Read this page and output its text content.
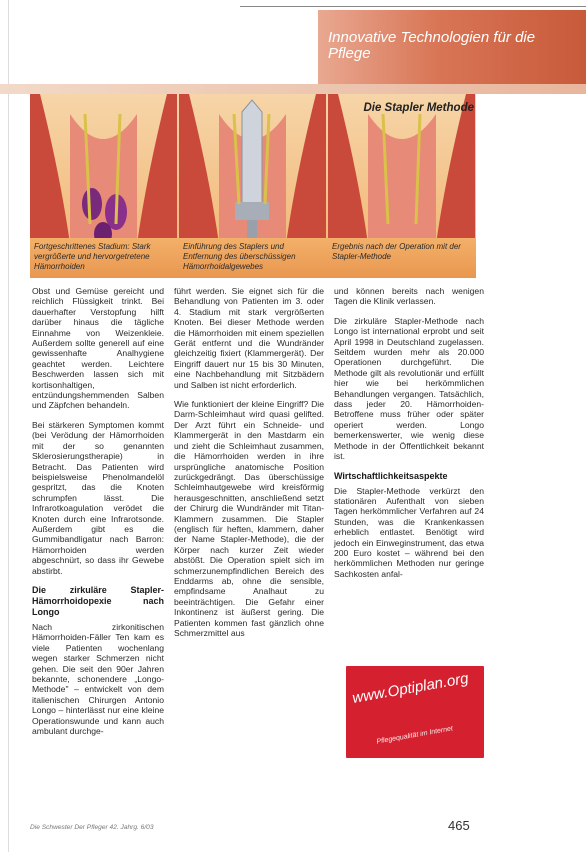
Innovative Technologien für die Pflege
Die Stapler Methode
Fortgeschrittenes Stadium: Stark vergrößerte und hervorgetretene Hämorrhoiden
Einführung des Staplers und Entfernung des überschüssigen Hämorrhoidalgewebes
Ergebnis nach der Operation mit der Stapler-Methode

Obst und Gemüse gereicht und reichlich Flüssigkeit trinkt. Bei dauerhafter Verstopfung hilft darüber hinaus die tägliche Einnahme von Weizenkleie. Außerdem sollte generell auf eine gewissenhafte Analhygiene geachtet werden. Leichtere Beschwerden lassen sich mit kortisonhaltigen, entzündungshemmenden Salben und Zäpfchen behandeln.

Bei stärkeren Symptomen kommt (bei Verödung der Hämorrhoiden mit der so genannten Sklerosierungstherapie) in Betracht. Das Patienten wird beispielsweise Phenolmandelöl gespritzt, das die Knoten schrumpfen lässt. Die Infrarotkoagulation verödet die Knoten durch eine Infrarotsonde. Außerdem gibt es die Gummibandligatur nach Barron: Hämorrhoiden werden abgeschnürt, so dass ihr Gewebe abstirbt.

Die zirkuläre Stapler-Hämorrhoidopexie nach Longo

Nach zirkonitischen Hämorrhoiden-Fäller Ten kam es viele Patienten wochenlang wegen starker Schmerzen nicht gehen. Die seit den 90er Jahren bekannte, schonendere „Longo-Methode" – entwickelt von dem italienischen Chirurgen Antonio Longo – hinterlässt nur eine kleine Operationswunde und kann auch ambulant durchge-

führt werden. Sie eignet sich für die Behandlung von Patienten im 3. oder 4. Stadium mit stark vergrößerten Knoten. Bei dieser Methode werden die Hämorrhoiden mit einem speziellen Gerät entfernt und die Wundränder gleichzeitig fixiert (Klammergerät). Der Eingriff dauert nur 15 bis 30 Minuten, eine Nachbehandlung mit Sitzbädern und Salben ist nicht erforderlich.

Wie funktioniert der kleine Eingriff? Die Darm-Schleimhaut wird quasi gelifted. Der Arzt führt ein Schneide- und Klammergerät in den Mastdarm ein und zieht die Schleimhaut zusammen, die Hämorrhoiden werden in ihre ursprüngliche anatomische Position zurückgedrängt. Das überschüssige Schleimhautgewebe wird kreisförmig herausgeschnitten, anschließend setzt der Chirurg die Wundränder mit Titan-Klammern zusammen. Die Stapler (englisch für heften, klammern, daher der Name Stapler-Methode), die der Körper nach kurzer Zeit wieder abstößt. Die Operation spielt sich im schmerzunempfindlichen Bereich des Enddarms ab, ohne die sensible, empfindsame Analhaut zu beeinträchtigen. Die Gefahr einer Inkontinenz ist äußerst gering. Die Patienten kommen fast gänzlich ohne Schmerzmittel aus

und können bereits nach wenigen Tagen die Klinik verlassen.

Die zirkuläre Stapler-Methode nach Longo ist international erprobt und seit April 1998 in Deutschland zugelassen. Seitdem wurden mehr als 20.000 Operationen durchgeführt. Die Methode gilt als revolutionär und erfüllt hier wie bei herkömmlichen Behandlungen vergangen. Tatsächlich, dass jeder 20. Hämorrhoiden-Betroffene muss früher oder später operiert werden. Longo bemerkenswerter, wie wenig diese Methode in der Öffentlichkeit bekannt ist.

Wirtschaftlichkeitsaspekte

Die Stapler-Methode verkürzt den stationären Aufenthalt von sieben Tagen herkömmlicher Verfahren auf 24 Stunden, was die Krankenkassen erheblich entlastet. Benötigt wird jedoch ein Einweginstrument, das etwa 200 Euro kostet – während bei den herkömmlichen Methoden nur geringe Sachkosten anfal-

www.Optiplan.org
Pflegequalität im Internet
Die Schwester Der Pfleger 42. Jahrg. 6/03	465
